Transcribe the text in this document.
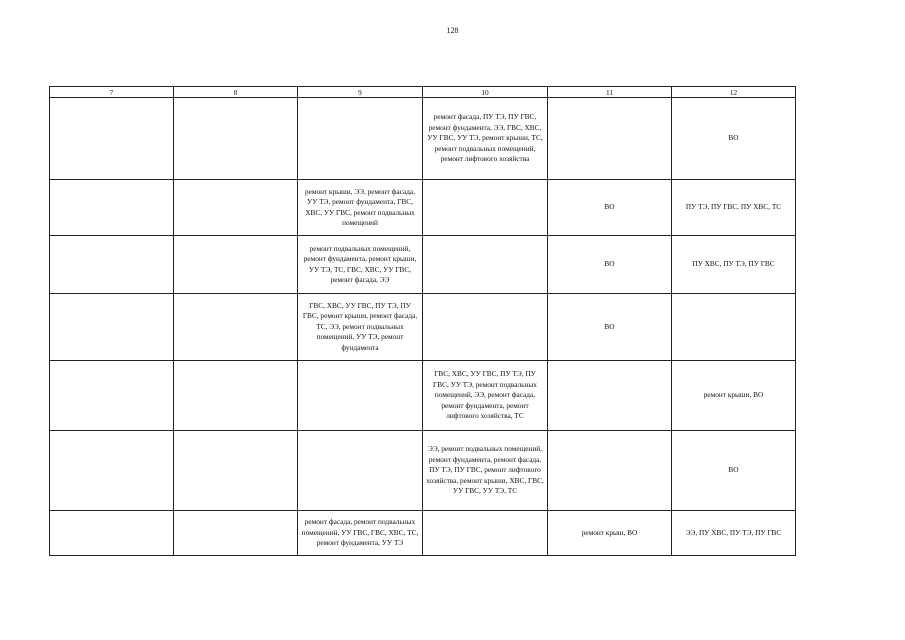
128
7	8	9	10	11	12
			ремонт фасада, ПУ ТЭ, ПУ ГВС, ремонт фундамента, ЭЭ, ГВС, ХВС, УУ ГВС, УУ ТЭ, ремонт крыши, ТС, ремонт подвальных помещений, ремонт лифтового хозяйства		ВО
		ремонт крыши, ЭЭ, ремонт фасада, УУ ТЭ, ремонт фундамента, ГВС, ХВС, УУ ГВС, ремонт подвальных помещений		ВО	ПУ ТЭ, ПУ ГВС, ПУ ХВС, ТС
		ремонт подвальных помещений, ремонт фундамента, ремонт крыши, УУ ТЭ, ТС, ГВС, ХВС, УУ ГВС, ремонт фасада, ЭЭ		ВО	ПУ ХВС, ПУ ТЭ, ПУ ГВС
		ГВС, ХВС, УУ ГВС, ПУ ТЭ, ПУ ГВС, ремонт крыши, ремонт фасада, ТС, ЭЭ, ремонт подвальных помещений, УУ ТЭ, ремонт фундамента		ВО	
			ГВС, ХВС, УУ ГВС, ПУ ТЭ, ПУ ГВС, УУ ТЭ, ремонт подвальных помещений, ЭЭ, ремонт фасада, ремонт фундамента, ремонт лифтового хозяйства, ТС		ремонт крыши, ВО
			ЭЭ, ремонт подвальных помещений, ремонт фундамента, ремонт фасада, ПУ ТЭ, ПУ ГВС, ремонт лифтового хозяйства, ремонт крыши, ХВС, ГВС, УУ ГВС, УУ ТЭ, ТС		ВО
		ремонт фасада, ремонт подвальных помещений, УУ ГВС, ГВС, ХВС, ТС, ремонт фундамента, УУ ТЭ		ремонт крыш, ВО	ЭЭ, ПУ ХВС, ПУ ТЭ, ПУ ГВС
